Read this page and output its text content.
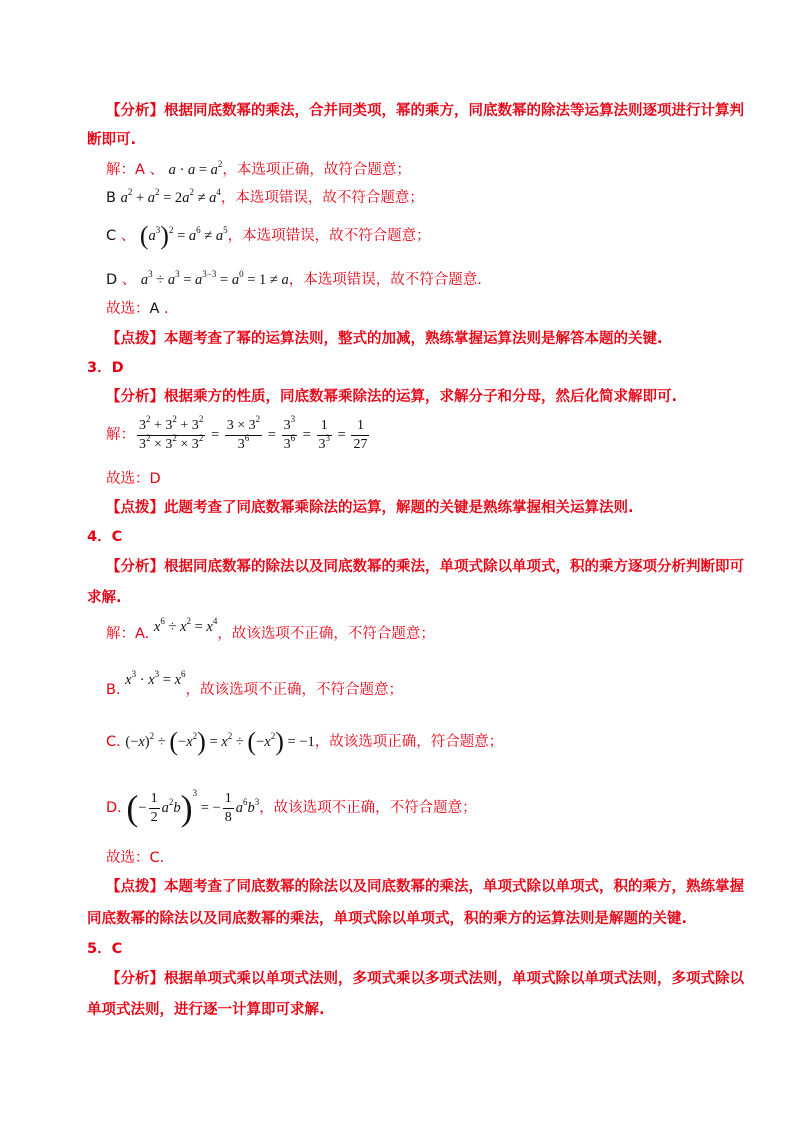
【分析】根据同底数幂的乘法，合并同类项，幂的乘方，同底数幂的除法等运算法则逐项进行计算判
断即可.
解：A 、 $a \cdot a = a^2$，本选项正确，故符合题意；
B $a^2 + a^2 = 2a^2 \ne a^4$，本选项错误，故不符合题意；
C 、 $(a^3)^2 = a^6 \ne a^5$，本选项错误，故不符合题意；
D 、 $a^3 \div a^3 = a^{3-3} = a^0 = 1 \ne a$，本选项错误，故不符合题意.
故选：A .
【点拨】本题考查了幂的运算法则，整式的加减，熟练掌握运算法则是解答本题的关键.
3．D
【分析】根据乘方的性质，同底数幂乘除法的运算，求解分子和分母，然后化简求解即可.
解： $\frac{3^2 + 3^2 + 3^2}{3^2 \times 3^2 \times 3^2} = \frac{3 \times 3^2}{3^6} = \frac{3^3}{3^6} = \frac{1}{3^3} = \frac{1}{27}$
故选：D
【点拨】此题考查了同底数幂乘除法的运算，解题的关键是熟练掌握相关运算法则.
4．C
【分析】根据同底数幂的除法以及同底数幂的乘法，单项式除以单项式，积的乘方逐项分析判断即可
求解.
解：A. $x^6 \div x^2 = x^4$，故该选项不正确，不符合题意；
B. $x^3 \cdot x^3 = x^6$，故该选项不正确，不符合题意；
C. $(-x)^2 \div (-x^2) = x^2 \div (-x^2) = -1$，故该选项正确，符合题意；
D. (− $\frac{1}{2} a^2b)^3$ = − $\frac{1}{8} a^6b^3$，故该选项不正确，不符合题意；
故选：C.
【点拨】本题考查了同底数幂的除法以及同底数幂的乘法，单项式除以单项式，积的乘方，熟练掌握
同底数幂的除法以及同底数幂的乘法，单项式除以单项式，积的乘方的运算法则是解题的关键.
5．C
【分析】根据单项式乘以单项式法则，多项式乘以多项式法则，单项式除以单项式法则，多项式除以
单项式法则，进行逐一计算即可求解.
